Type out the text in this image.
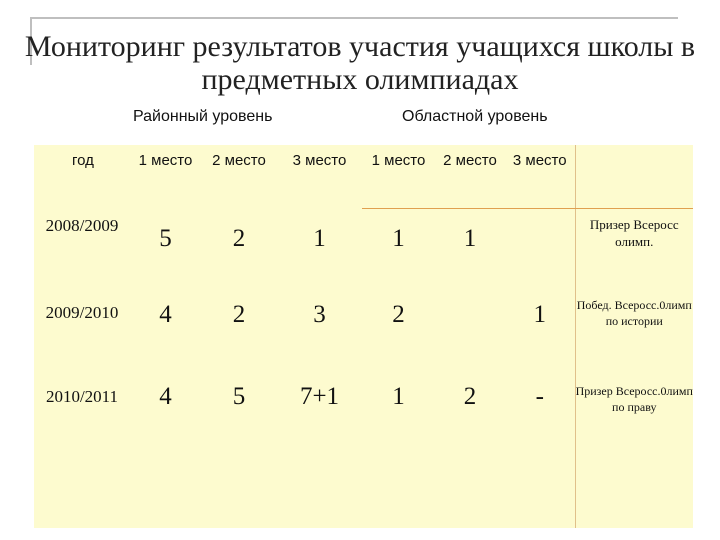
Мониторинг результатов участия учащихся школы в предметных олимпиадах
Районный уровень	Областной уровень
год	1 место	2 место	3 место	1 место	2 место	3 место	
2008/2009	5	2	1	1	1		Призер Всеросс олимп.
2009/2010	4	2	3	2		1	Побед. Всеросс.0лимп по истории
2010/2011	4	5	7+1	1	2	-	Призер Всеросс.0лимп по праву
